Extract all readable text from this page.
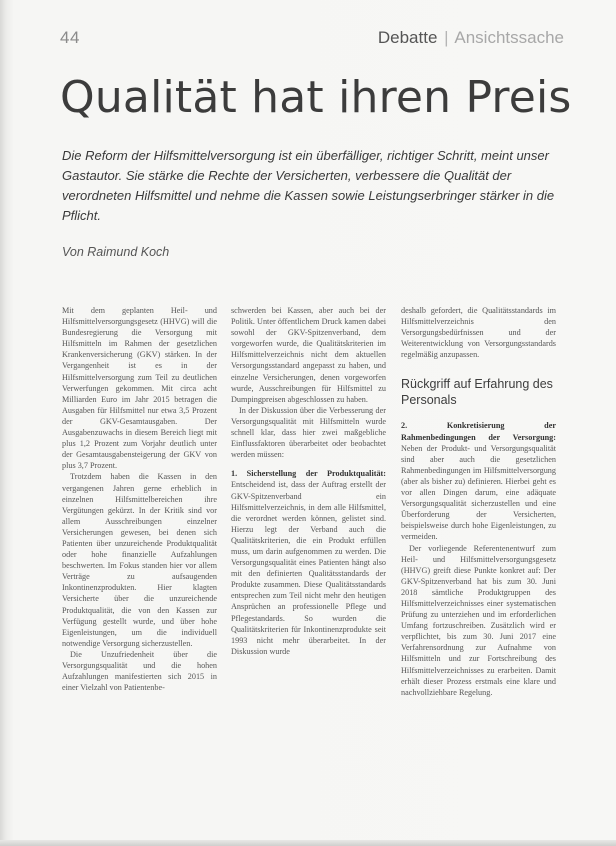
44	Debatte | Ansichtssache
Qualität hat ihren Preis

Die Reform der Hilfsmittelversorgung ist ein überfälliger, richtiger Schritt, meint unser Gastautor. Sie stärke die Rechte der Versicherten, verbessere die Qualität der verordneten Hilfsmittel und nehme die Kassen sowie Leistungserbringer stärker in die Pflicht.

Von Raimund Koch

Mit dem geplanten Heil- und Hilfsmittelversorgungsgesetz (HHVG) will die Bundesregierung die Versorgung mit Hilfsmitteln im Rahmen der gesetzlichen Krankenversicherung (GKV) stärken. In der Vergangenheit ist es in der Hilfsmittelversorgung zum Teil zu deutlichen Verwerfungen gekommen. Mit circa acht Milliarden Euro im Jahr 2015 betragen die Ausgaben für Hilfsmittel nur etwa 3,5 Prozent der GKV-Gesamtausgaben. Der Ausgabenzuwachs in diesem Bereich liegt mit plus 1,2 Prozent zum Vorjahr deutlich unter der Gesamtausgabensteigerung der GKV von plus 3,7 Prozent.

Trotzdem haben die Kassen in den vergangenen Jahren gerne erheblich in einzelnen Hilfsmittelbereichen ihre Vergütungen gekürzt. In der Kritik sind vor allem Ausschreibungen einzelner Versicherungen gewesen, bei denen sich Patienten über unzureichende Produktqualität oder hohe finanzielle Aufzahlungen beschwerten. Im Fokus standen hier vor allem Verträge zu aufsaugenden Inkontinenzprodukten. Hier klagten Versicherte über die unzureichende Produktqualität, die von den Kassen zur Verfügung gestellt wurde, und über hohe Eigenleistungen, um die individuell notwendige Versorgung sicherzustellen.

Die Unzufriedenheit über die Versorgungsqualität und die hohen Aufzahlungen manifestierten sich 2015 in einer Vielzahl von Patientenbe-

schwerden bei Kassen, aber auch bei der Politik. Unter öffentlichem Druck kamen dabei sowohl der GKV-Spitzenverband, dem vorgeworfen wurde, die Qualitätskriterien im Hilfsmittelverzeichnis nicht dem aktuellen Versorgungsstandard angepasst zu haben, und einzelne Versicherungen, denen vorgeworfen wurde, Ausschreibungen für Hilfsmittel zu Dumpingpreisen abgeschlossen zu haben.

In der Diskussion über die Verbesserung der Versorgungsqualität mit Hilfsmitteln wurde schnell klar, dass hier zwei maßgebliche Einflussfaktoren überarbeitet oder beobachtet werden müssen:

1. Sicherstellung der Produktqualität: Entscheidend ist, dass der Auftrag erstellt der GKV-Spitzenverband ein Hilfsmittelverzeichnis, in dem alle Hilfsmittel, die verordnet werden können, gelistet sind. Hierzu legt der Verband auch die Qualitätskriterien, die ein Produkt erfüllen muss, um darin aufgenommen zu werden. Die Versorgungsqualität eines Patienten hängt also mit den definierten Qualitätsstandards der Produkte zusammen. Diese Qualitätsstandards entsprechen zum Teil nicht mehr den heutigen Ansprüchen an professionelle Pflege und Pflegestandards. So wurden die Qualitätskriterien für Inkontinenzprodukte seit 1993 nicht mehr überarbeitet. In der Diskussion wurde

deshalb gefordert, die Qualitätsstandards im Hilfsmittelverzeichnis den Versorgungsbedürfnissen und der Weiterentwicklung von Versorgungsstandards regelmäßig anzupassen.

Rückgriff auf Erfahrung des Personals

2. Konkretisierung der Rahmenbedingungen der Versorgung: Neben der Produkt- und Versorgungsqualität sind aber auch die gesetzlichen Rahmenbedingungen im Hilfsmittelversorgung (aber als bisher zu) definieren. Hierbei geht es vor allen Dingen darum, eine adäquate Versorgungsqualität sicherzustellen und eine Überforderung der Versicherten, beispielsweise durch hohe Eigenleistungen, zu vermeiden.

Der vorliegende Referentenentwurf zum Heil- und Hilfsmittelversorgungsgesetz (HHVG) greift diese Punkte konkret auf: Der GKV-Spitzenverband hat bis zum 30. Juni 2018 sämtliche Produktgruppen des Hilfsmittelverzeichnisses einer systematischen Prüfung zu unterziehen und im erforderlichen Umfang fortzuschreiben. Zusätzlich wird er verpflichtet, bis zum 30. Juni 2017 eine Verfahrensordnung zur Aufnahme von Hilfsmitteln und zur Fortschreibung des Hilfsmittelverzeichnisses zu erarbeiten. Damit erhält dieser Prozess erstmals eine klare und nachvollziehbare Regelung.
